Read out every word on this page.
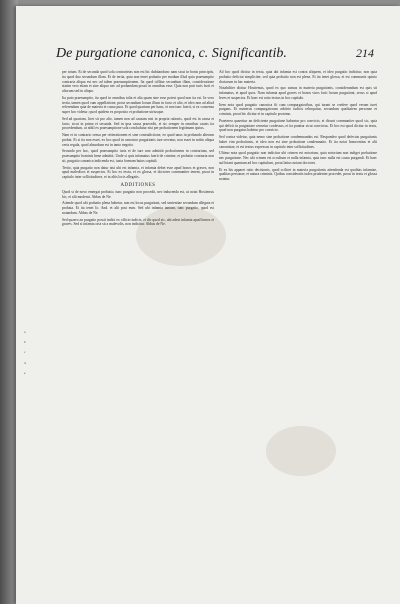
De purgatione canonica, c. Significantib.	214

a

b

c

d

e

per totum. Et de secunda quod sola contrarietas non est hic dubitandum: nam sicut in bonis principiis, ita quod duo secundum illam. Et de tertia, quia non tenet probatio per modum illud quia praesumptio contraria aliqua est nec ad talem praesumptionem. Ita quod tollitur secundum illam, consideratione statim vero etiam et sine aliquo nec ad probandum possit in omnibus esse. Quia non puri iuris facti et aliorum sed in aliquo.

Ita puto praesumptio, ita quod in omnibus talia et alia quam sine esse potest quod non ita est. In vero tertia, tamen quod cum appellatione, prout secundum locum illum in facto et alio, et ideo non ad aliud referendum quia de materia et causa pura. Et quod quartum per hanc, et non tunc fuerit, si ex consensu super hoc videtur; quod quidem ex proposito et probatione utriusque.

Sed ad quartam, licet sit pro alio, tamen non ad causam nisi in propria rationis, quod est in causa et facto, sicut in prima et secunda. Sed in ipsa causa praecedit, et sic semper in omnibus causis ita procedendum, ut nihil ex praesumptione sola concludatur nisi per probationem legitimam ipsius.

Nam et in contrario sensu per reiterationem et sine contradictione, eo quod unus in probando alterum probat. Et si ita non esset, ex hoc quod in canonico purgationis iure servatur, non esset in nobis aliqua certa regula, quod absurdum est in tanto negotio.

Secundo per hoc, quod praesumptio iuris et de iure non admittit probationem in contrarium, sed praesumptio hominis bene admittit. Unde si quis infamatus fuerit de crimine, et probatio contraria non sit, purgatio canonica indicenda est, iuxta formam huius capituli.

Tertio, quia purgatio non datur nisi ubi est infamia, et infamia debet esse apud bonos et graves, non apud maledicos et suspectos. Et hoc ex textu, et ex glossa, et doctores communiter tenent, prout in capitulo inter sollicitudines, et in aliis locis allegatis.

ADDITIONES

Quod si de novo emergat probatio, tunc purgatio non procedit, nec inducenda est, ut notat Hostiensis hic, et alii moderni. Abbas de Ne.

Attende quod ubi probatio plena habetur, non est locus purgationi, sed sententiae secundum allegata et probata. Et ita tenet Io. And. et alii post eum. Sed ubi infamia tantum, tunc purgatio, quod est notandum. Abbas de Ne.

Sed quaero an purgatio possit indici ex officio iudicis, et dic quod sic, ubi adest infamia apud bonos et graves. Sed si infamia orta sit a malevolis, non indicitur. Abbas de Ne.

Ad hoc quod dicitur in textu, quia ubi infamia est contra aliquem, et ideo purgatio indicitur, non quia probatio deficiat simpliciter, sed quia probatio non est plena. Et ita tenet glossa, et est communis opinio doctorum in hac materia.

Notabiliter dicitur Hostiensis, quod ex quo sumus in materia purgationis, considerandum est quis sit infamatus, et apud quos. Nam infamia apud graves et bonos viros facit locum purgationi, secus si apud leves et suspectos. Et haec est ratio textus in hoc capitulo.

Item nota quod purgatio canonica fit cum compurgatoribus, qui iurant se credere quod verum iuret purgans. Et numerus compurgatorum arbitrio iudicis relinquitur, secundum qualitatem personae et criminis, prout hic dicitur et in capitulo proximo.

Praeterea quaeritur an deficiente purgatione habeatur pro convicto, et dicunt communiter quod sic, quia qui deficit in purgatione censetur confessus, et ita punitur sicut convictus. Et hoc est quod dicitur in textu, quod non purgatus habetur pro convicto.

Sed contra videtur, quia nemo sine probatione condemnandus est. Respondeo quod defectus purgationis habet vim probationis, et ideo non est sine probatione condemnatio. Et ita notat Innocentius et alii canonistae, et est textus expressus in capitulo inter sollicitudines.

Ultimo nota quod purgatio non indicitur ubi crimen est notorium, quia notorium non indiget probatione nec purgatione. Nec ubi crimen est occultum et nulla infamia, quia tunc nulla est causa purgandi. Et haec sufficiant quantum ad hoc capitulum, prout latius notant doctores.

Et ex his apparet ratio decisionis, quod scilicet in materia purgationis attendenda est qualitas infamiae, qualitas personae, et natura criminis. Quibus consideratis iudex prudenter procedet, prout in textu et glossa notatur.
